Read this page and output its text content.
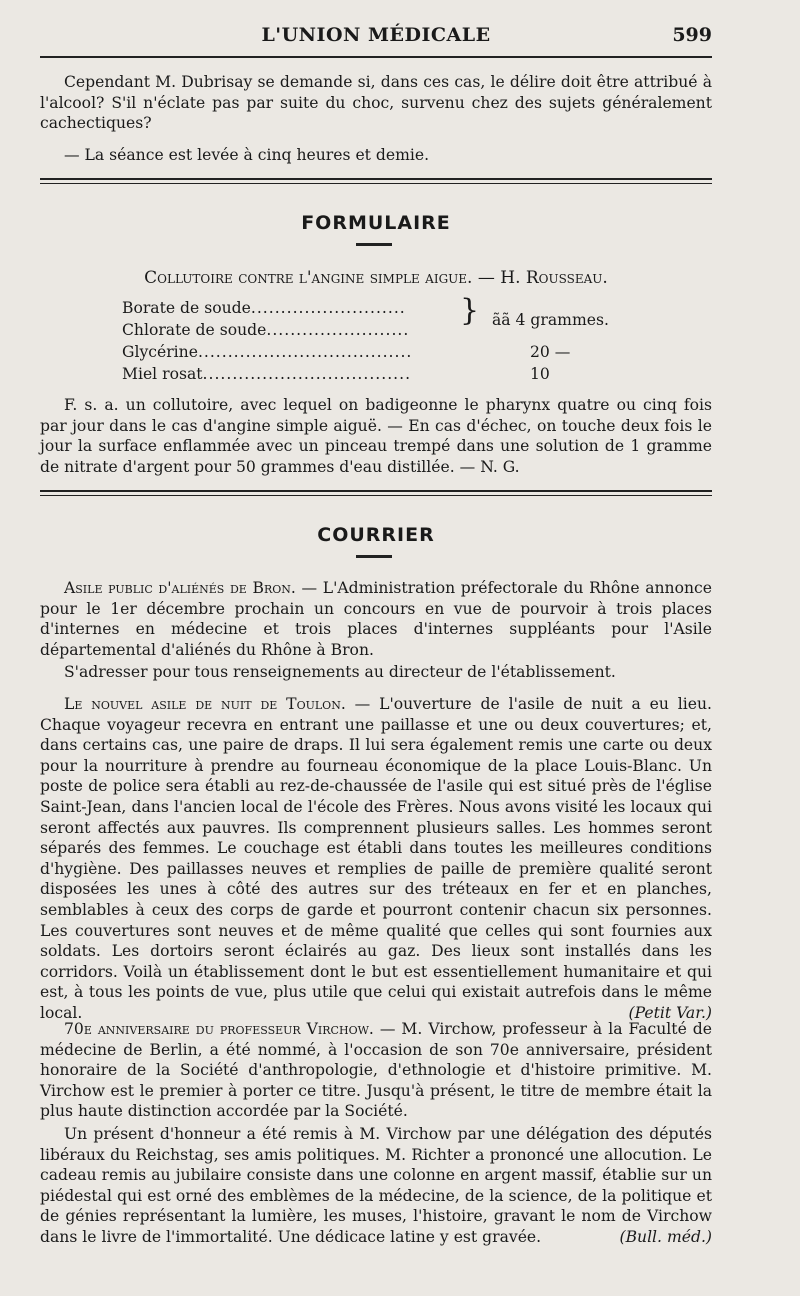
L'UNION MÉDICALE	599
Cependant M. Dubrisay se demande si, dans ces cas, le délire doit être attribué à l'alcool? S'il n'éclate pas par suite du choc, survenu chez des sujets généralement cachectiques?
— La séance est levée à cinq heures et demie.
FORMULAIRE
Collutoire contre l'angine simple aigue. — H. Rousseau.
Borate de soude..........................
Chlorate de soude........................
} ãã 4 grammes.
Glycérine....................................	20 —
Miel rosat...................................	10
F. s. a. un collutoire, avec lequel on badigeonne le pharynx quatre ou cinq fois par jour dans le cas d'angine simple aiguë. — En cas d'échec, on touche deux fois le jour la surface enflammée avec un pinceau trempé dans une solution de 1 gramme de nitrate d'argent pour 50 grammes d'eau distillée. — N. G.
COURRIER
Asile public d'aliénés de Bron. — L'Administration préfectorale du Rhône annonce pour le 1er décembre prochain un concours en vue de pourvoir à trois places d'internes en médecine et trois places d'internes suppléants pour l'Asile départemental d'aliénés du Rhône à Bron.
S'adresser pour tous renseignements au directeur de l'établissement.
Le nouvel asile de nuit de Toulon. — L'ouverture de l'asile de nuit a eu lieu. Chaque voyageur recevra en entrant une paillasse et une ou deux couvertures; et, dans certains cas, une paire de draps. Il lui sera également remis une carte ou deux pour la nourriture à prendre au fourneau économique de la place Louis-Blanc. Un poste de police sera établi au rez-de-chaussée de l'asile qui est situé près de l'église Saint-Jean, dans l'ancien local de l'école des Frères. Nous avons visité les locaux qui seront affectés aux pauvres. Ils comprennent plusieurs salles. Les hommes seront séparés des femmes. Le couchage est établi dans toutes les meilleures conditions d'hygiène. Des paillasses neuves et remplies de paille de première qualité seront disposées les unes à côté des autres sur des tréteaux en fer et en planches, semblables à ceux des corps de garde et pourront contenir chacun six personnes. Les couvertures sont neuves et de même qualité que celles qui sont fournies aux soldats. Les dortoirs seront éclairés au gaz. Des lieux sont installés dans les corridors. Voilà un établissement dont le but est essentiellement humanitaire et qui est, à tous les points de vue, plus utile que celui qui existait autrefois dans le même local.	(Petit Var.)
70e anniversaire du professeur Virchow. — M. Virchow, professeur à la Faculté de médecine de Berlin, a été nommé, à l'occasion de son 70e anniversaire, président honoraire de la Société d'anthropologie, d'ethnologie et d'histoire primitive. M. Virchow est le premier à porter ce titre. Jusqu'à présent, le titre de membre était la plus haute distinction accordée par la Société.
Un présent d'honneur a été remis à M. Virchow par une délégation des députés libéraux du Reichstag, ses amis politiques. M. Richter a prononcé une allocution. Le cadeau remis au jubilaire consiste dans une colonne en argent massif, établie sur un piédestal qui est orné des emblèmes de la médecine, de la science, de la politique et de génies représentant la lumière, les muses, l'histoire, gravant le nom de Virchow dans le livre de l'immortalité. Une dédicace latine y est gravée.	(Bull. méd.)
